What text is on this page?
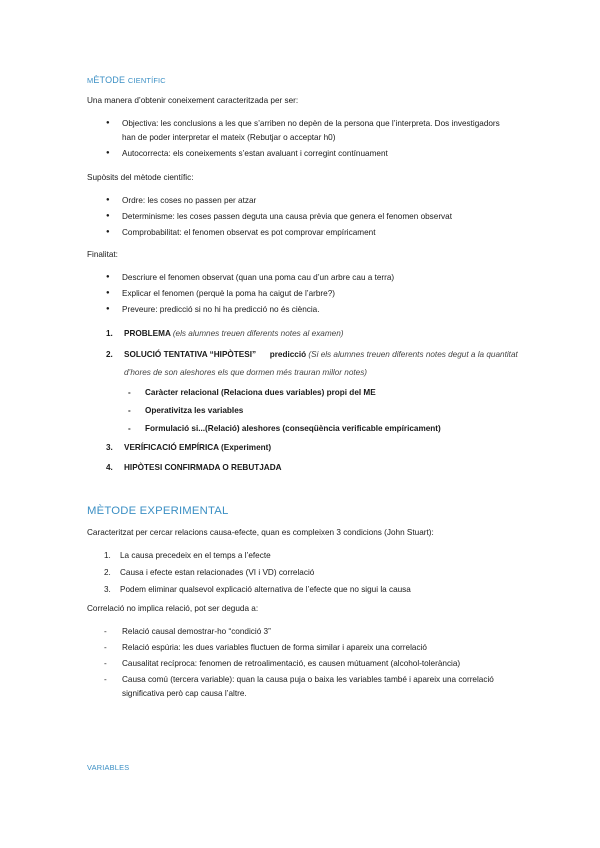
MÈTODE CIENTÍFIC

Una manera d’obtenir coneixement caracteritzada per ser:

● Objectiva: les conclusions a les que s’arriben no depèn de la persona que l’interpreta. Dos investigadors han de poder interpretar el mateix (Rebutjar o acceptar h0)
● Autocorrecta: els coneixements s’estan avaluant i corregint contínuament

Supòsits del mètode científic:

● Ordre: les coses no passen per atzar
● Determinisme: les coses passen deguta una causa prèvia que genera el fenomen observat
● Comprobabilitat: el fenomen observat es pot comprovar empíricament

Finalitat:

● Descriure el fenomen observat (quan una poma cau d’un arbre cau a terra)
● Explicar el fenomen (perquè la poma ha caigut de l’arbre?)
● Preveure: predicció si no hi ha predicció no és ciència.
1. PROBLEMA (els alumnes treuen diferents notes al examen)
2. SOLUCIÓ TENTATIVA “HIPÒTESI” predicció (Si els alumnes treuen diferents notes degut a la quantitat d’hores de son aleshores els que dormen més trauran millor notes)
- Caràcter relacional (Relaciona dues variables) propi del ME
- Operativitza les variables
- Formulació si...(Relació) aleshores (conseqüència verificable empíricament)
3. VERÍFICACIÓ EMPÍRICA (Experiment)
4. HIPÒTESI CONFIRMADA O REBUTJADA
MÈTODE EXPERIMENTAL

Caracteritzat per cercar relacions causa-efecte, quan es compleixen 3 condicions (John Stuart):

1. La causa precedeix en el temps a l’efecte
2. Causa i efecte estan relacionades (VI i VD) correlació
3. Podem eliminar qualsevol explicació alternativa de l’efecte que no sigui la causa

Correlació no implica relació, pot ser deguda a:

- Relació causal demostrar-ho “condició 3”
- Relació espúria: les dues variables fluctuen de forma similar i apareix una correlació
- Causalitat recíproca: fenomen de retroalimentació, es causen mútuament (alcohol-tolerància)
- Causa comú (tercera variable): quan la causa puja o baixa les variables també i apareix una correlació significativa però cap causa l’altre.
VARIABLES
